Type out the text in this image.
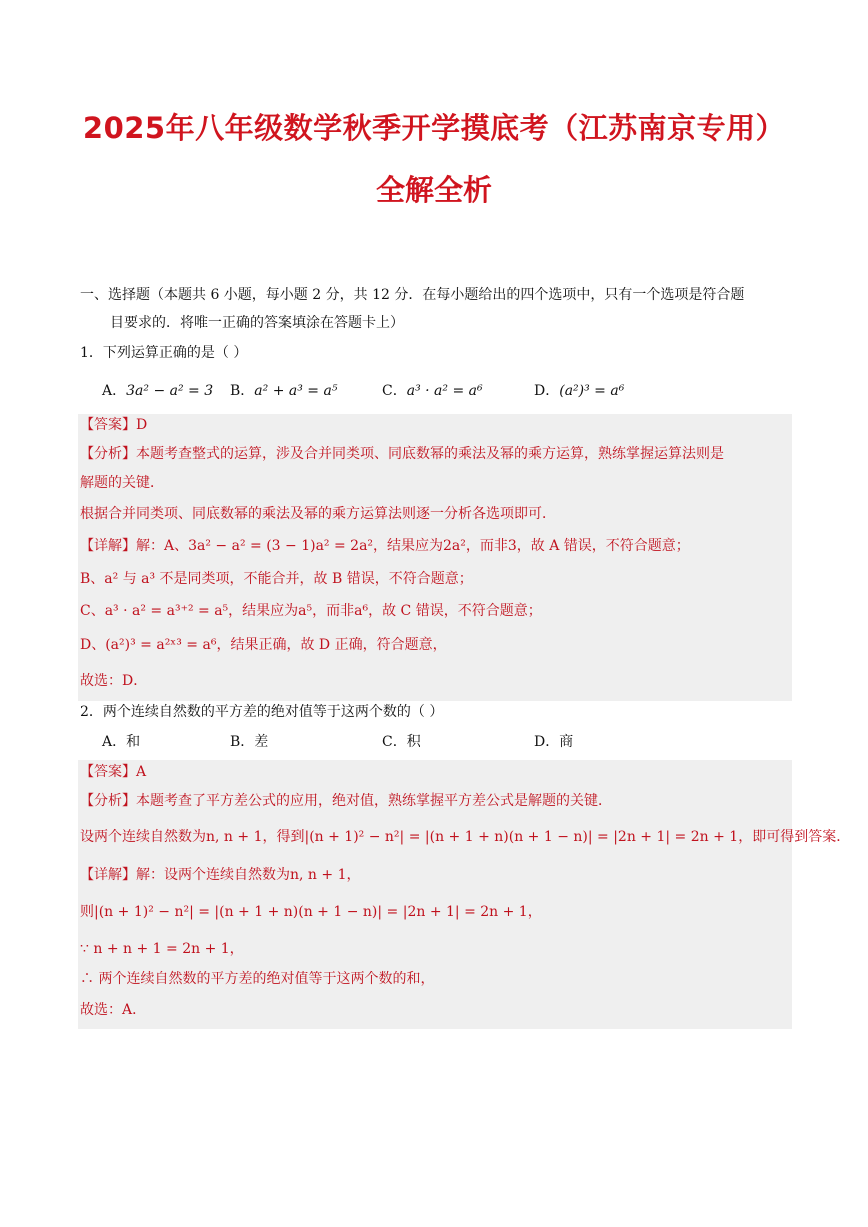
2025年八年级数学秋季开学摸底考（江苏南京专用）
全解全析
一、选择题（本题共 6 小题，每小题 2 分，共 12 分．在每小题给出的四个选项中，只有一个选项是符合题
目要求的．将唯一正确的答案填涂在答题卡上）
1．下列运算正确的是（ ）
A．3a² − a² = 3 B．a² + a³ = a⁵	C．a³ · a² = a⁶	D．(a²)³ = a⁶
【答案】D
【分析】本题考查整式的运算，涉及合并同类项、同底数幂的乘法及幂的乘方运算，熟练掌握运算法则是
解题的关键．
根据合并同类项、同底数幂的乘法及幂的乘方运算法则逐一分析各选项即可．
【详解】解：A、3a² − a² = (3 − 1)a² = 2a²，结果应为2a²，而非3，故 A 错误，不符合题意；
B、a² 与 a³ 不是同类项，不能合并，故 B 错误，不符合题意；
C、a³ · a² = a³⁺² = a⁵，结果应为a⁵，而非a⁶，故 C 错误，不符合题意；
D、(a²)³ = a²ˣ³ = a⁶，结果正确，故 D 正确，符合题意，
故选：D．
2．两个连续自然数的平方差的绝对值等于这两个数的（ ）
A．和	B．差	C．积	D．商
【答案】A
【分析】本题考查了平方差公式的应用，绝对值，熟练掌握平方差公式是解题的关键．
设两个连续自然数为n, n + 1，得到|(n + 1)² − n²| = |(n + 1 + n)(n + 1 − n)| = |2n + 1| = 2n + 1，即可得到答案．
【详解】解：设两个连续自然数为n, n + 1，
则|(n + 1)² − n²| = |(n + 1 + n)(n + 1 − n)| = |2n + 1| = 2n + 1，
∵ n + n + 1 = 2n + 1，
∴ 两个连续自然数的平方差的绝对值等于这两个数的和，
故选：A．
